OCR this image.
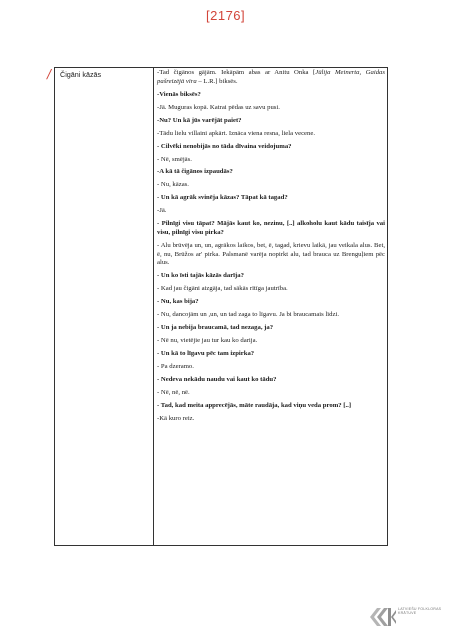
[2176]
/ Čigāni kāzās	-Tad čigānos gājām. Iekāpām abas ar Anitu Onka [Jūlija Meinerta, Gaidas pašreizējā vīra – L.R.] biksēs.

-Vienās biksēs?

-Jā. Muguras kopā. Katrai pēdas uz savu pusi.

-Nu? Un kā jūs varējāt paiet?

-Tādu lielu villaini apkārt. Iznāca viena resna, liela vecene.

- Cilvēki nenobijās no tāda dīvaina veidojuma?

- Nē, smējās.

-A kā tā čigānos izpaudās?

- Nu, kāzas.

- Un kā agrāk svinēja kāzas? Tāpat kā tagad?

-Jā.

- Pilnīgi visu tāpat? Mājās kaut ko, nezinu, [..] alkoholu kaut kādu taisīja vai visu, pilnīgi visu pirka?

- Alu brūvēja un, un, agrākos laikos, bet, ē, tagad, krievu laikā, jau veikala alus. Bet, ē, nu, Brūžos ar' pirka. Palsmanē varēja nopirkt alu, tad brauca uz Brenguļiem pēc alus.

- Un ko īsti tajās kāzās darīja?

- Kad jau čigāni aizgāja, tad sākās rītīga jautrība.

- Nu, kas bija?

- Nu, dancojām un ,un, un tad zaga to līgavu. Ja bi braucamais līdzi.

- Un ja nebija braucamā, tad nezaga, ja?

- Nē nu, vietējie jau tur kau ko darija.

- Un kā to līgavu pēc tam izpirka?

- Pa dzeramo.

- Nedeva nekādu naudu vai kaut ko tādu?

- Nē, nē, nē.

- Tad, kad meita apprecējās, māte raudāja, kad viņu veda prom? [..]

-Kā kuro reiz.

LATVIEŠU FOLKLORAS KRĀTUVE
